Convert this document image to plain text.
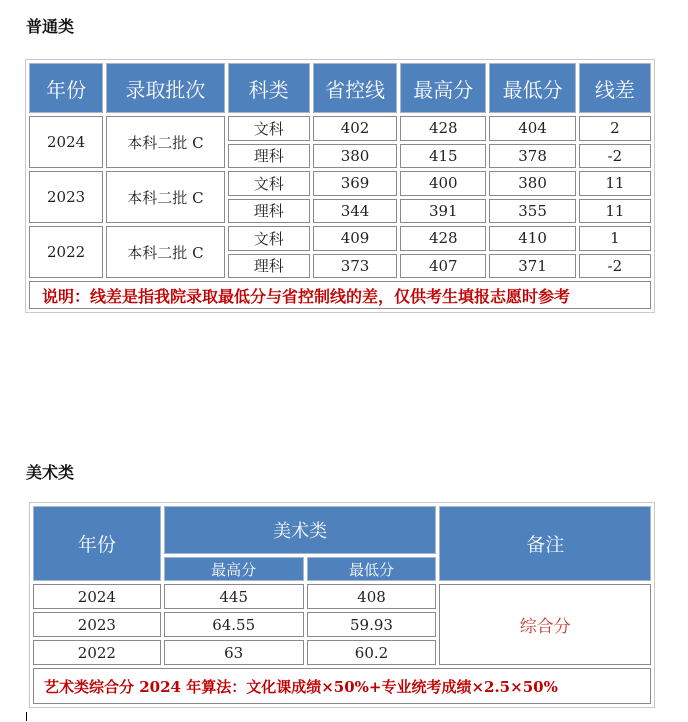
普通类
年份	录取批次	科类	省控线	最高分	最低分	线差
2024	本科二批 C	文科	402	428	404	2
		理科	380	415	378	-2
2023	本科二批 C	文科	369	400	380	11
		理科	344	391	355	11
2022	本科二批 C	文科	409	428	410	1
		理科	373	407	371	-2
说明：线差是指我院录取最低分与省控制线的差，仅供考生填报志愿时参考						
美术类
年份	美术类		备注
	最高分	最低分	
2024	445	408	综合分
2023	64.55	59.93	
2022	63	60.2	
艺术类综合分 2024 年算法：文化课成绩×50%+专业统考成绩×2.5×50%			
